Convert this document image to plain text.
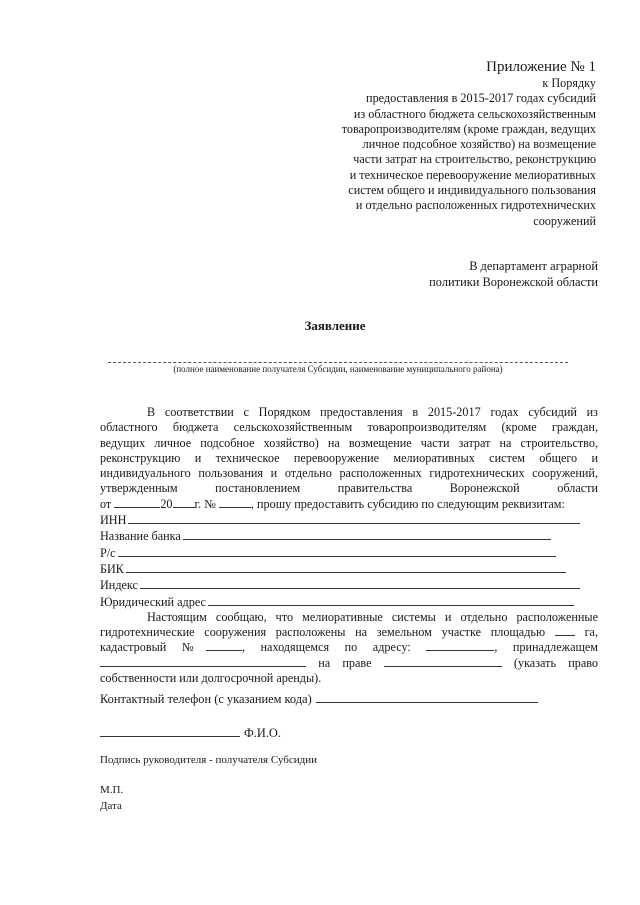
Приложение № 1
к Порядку
предоставления в 2015-2017 годах субсидий
из областного бюджета сельскохозяйственным
товаропроизводителям (кроме граждан, ведущих
личное подсобное хозяйство) на возмещение
части затрат на строительство, реконструкцию
и техническое перевооружение мелиоративных
систем общего и индивидуального пользования
и отдельно расположенных гидротехнических
сооружений
В департамент аграрной
политики Воронежской области
Заявление
(полное наименование получателя Субсидии, наименование муниципального района)
В соответствии с Порядком предоставления в 2015-2017 годах субсидий из
областного бюджета сельскохозяйственным товаропроизводителям (кроме граждан,
ведущих личное подсобное хозяйство) на возмещение части затрат на строительство,
реконструкцию и техническое перевооружение мелиоративных систем общего и
индивидуального пользования и отдельно расположенных гидротехнических сооружений,
утвержденным постановлением правительства Воронежской области
от	20 г. №	, прошу предоставить субсидию по следующим реквизитам:
ИНН
Название банка
Р/с
БИК
Индекс
Юридический адрес
Настоящим сообщаю, что мелиоративные системы и отдельно расположенные
гидротехнические сооружения расположены на земельном участке площадью	га,
кадастровый №	, находящемся по адресу:	, принадлежащем
на праве	(указать право
собственности или долгосрочной аренды).
Контактный телефон (с указанием кода)
Ф.И.О.
Подпись руководителя - получателя Субсидии
М.П.
Дата
